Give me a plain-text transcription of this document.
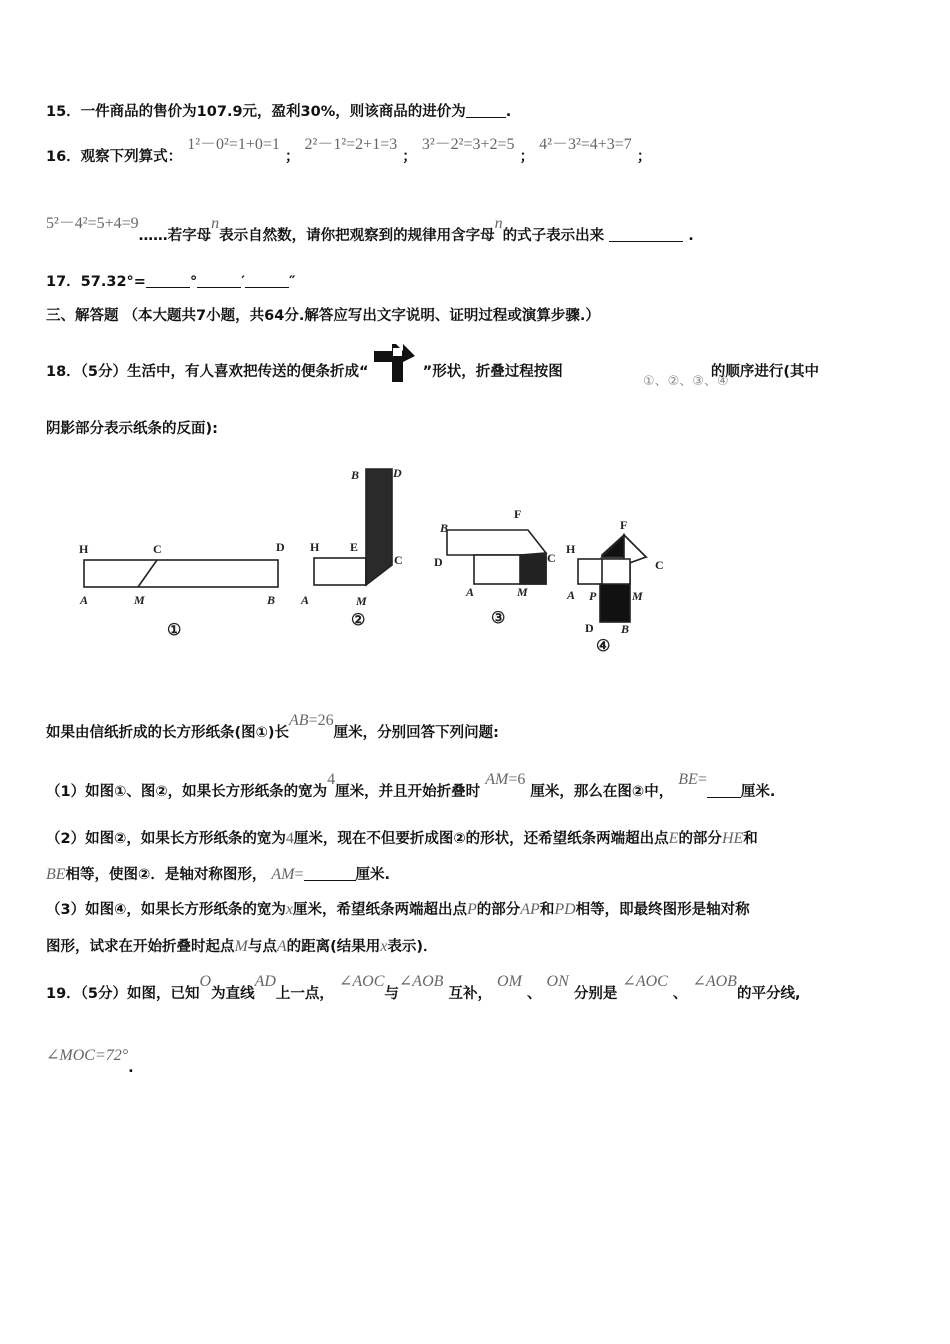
15．一件商品的售价为107.9元，盈利30%，则该商品的进价为	.
16．观察下列算式： 1²－0²=1+0=1 ； 2²－1²=2+1=3 ； 3²－2²=3+2=5 ； 4²－3²=4+3=7 ；
5²－4²=5+4=9……若字母n表示自然数，请你把观察到的规律用含字母n的式子表示出来	.
17．57.32°=	°	′	″
三、解答题 （本大题共7小题，共64分.解答应写出文字说明、证明过程或演算步骤.）
18．（5分）生活中，有人喜欢把传送的便条折成“	”形状，折叠过程按图	的顺序进行(其中
①、②、③、④
阴影部分表示纸条的反面):
H	C	D
A	M	B
①
B	D
H	E
C
A	M
②
B
F
C
D
A	M
③
F
H
C
A P	M
D B
④
如果由信纸折成的长方形纸条(图①)长AB=26厘米，分别回答下列问题:
（1）如图①、图②，如果长方形纸条的宽为4厘米，并且开始折叠时 AM=6 厘米，那么在图②中， BE=厘米.
（2）如图②，如果长方形纸条的宽为4厘米，现在不但要折成图②的形状，还希望纸条两端超出点E的部分HE和
BE相等，使图②．是轴对称图形， AM=	厘米.
（3）如图④，如果长方形纸条的宽为x厘米，希望纸条两端超出点P的部分AP和PD相等，即最终图形是轴对称
图形，试求在开始折叠时起点M与点A的距离(结果用x表示)．
19．（5分）如图，已知O为直线AD上一点， ∠AOC与∠AOB 互补， OM 、 ON 分别是 ∠AOC 、 ∠AOB的平分线,
∠MOC=72°.
